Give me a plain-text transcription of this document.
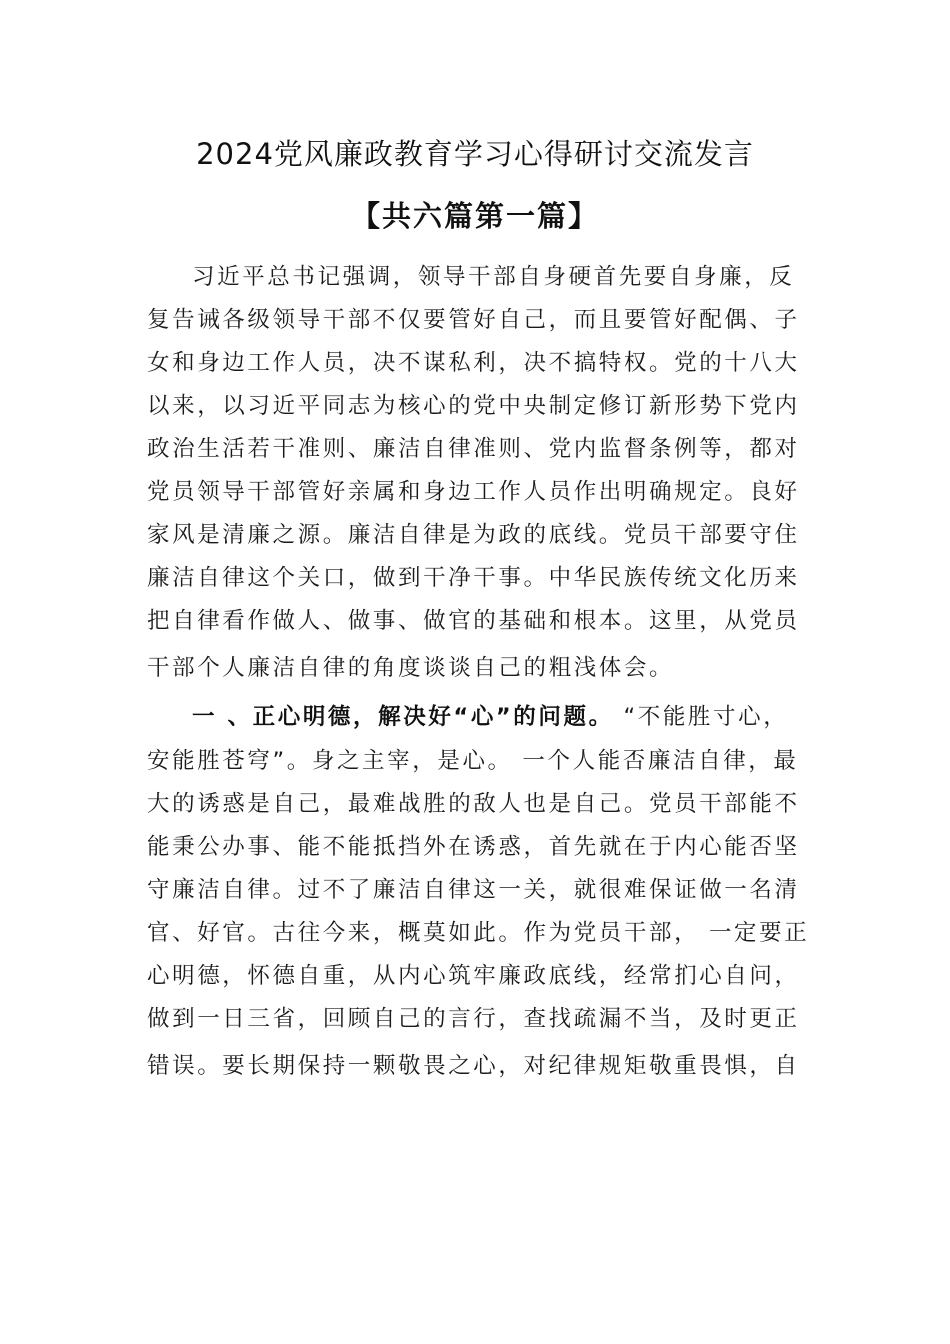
2024党风廉政教育学习心得研讨交流发言
【共六篇第一篇】
习近平总书记强调，领导干部自身硬首先要自身廉，反
复告诫各级领导干部不仅要管好自己，而且要管好配偶、子
女和身边工作人员，决不谋私利，决不搞特权。党的十八大
以来，以习近平同志为核心的党中央制定修订新形势下党内
政治生活若干准则、廉洁自律准则、党内监督条例等，都对
党员领导干部管好亲属和身边工作人员作出明确规定。良好
家风是清廉之源。廉洁自律是为政的底线。党员干部要守住
廉洁自律这个关口，做到干净干事。中华民族传统文化历来
把自律看作做人、做事、做官的基础和根本。这里，从党员
干部个人廉洁自律的角度谈谈自己的粗浅体会。
一 、正心明德，解决好“心”的问题。 “不能胜寸心，
安能胜苍穹”。身之主宰，是心。 一个人能否廉洁自律，最
大的诱惑是自己，最难战胜的敌人也是自己。党员干部能不
能秉公办事、能不能抵挡外在诱惑，首先就在于内心能否坚
守廉洁自律。过不了廉洁自律这一关，就很难保证做一名清
官、好官。古往今来，概莫如此。作为党员干部， 一定要正
心明德，怀德自重，从内心筑牢廉政底线，经常扪心自问，
做到一日三省，回顾自己的言行，查找疏漏不当，及时更正
错误。要长期保持一颗敬畏之心，对纪律规矩敬重畏惧，自
